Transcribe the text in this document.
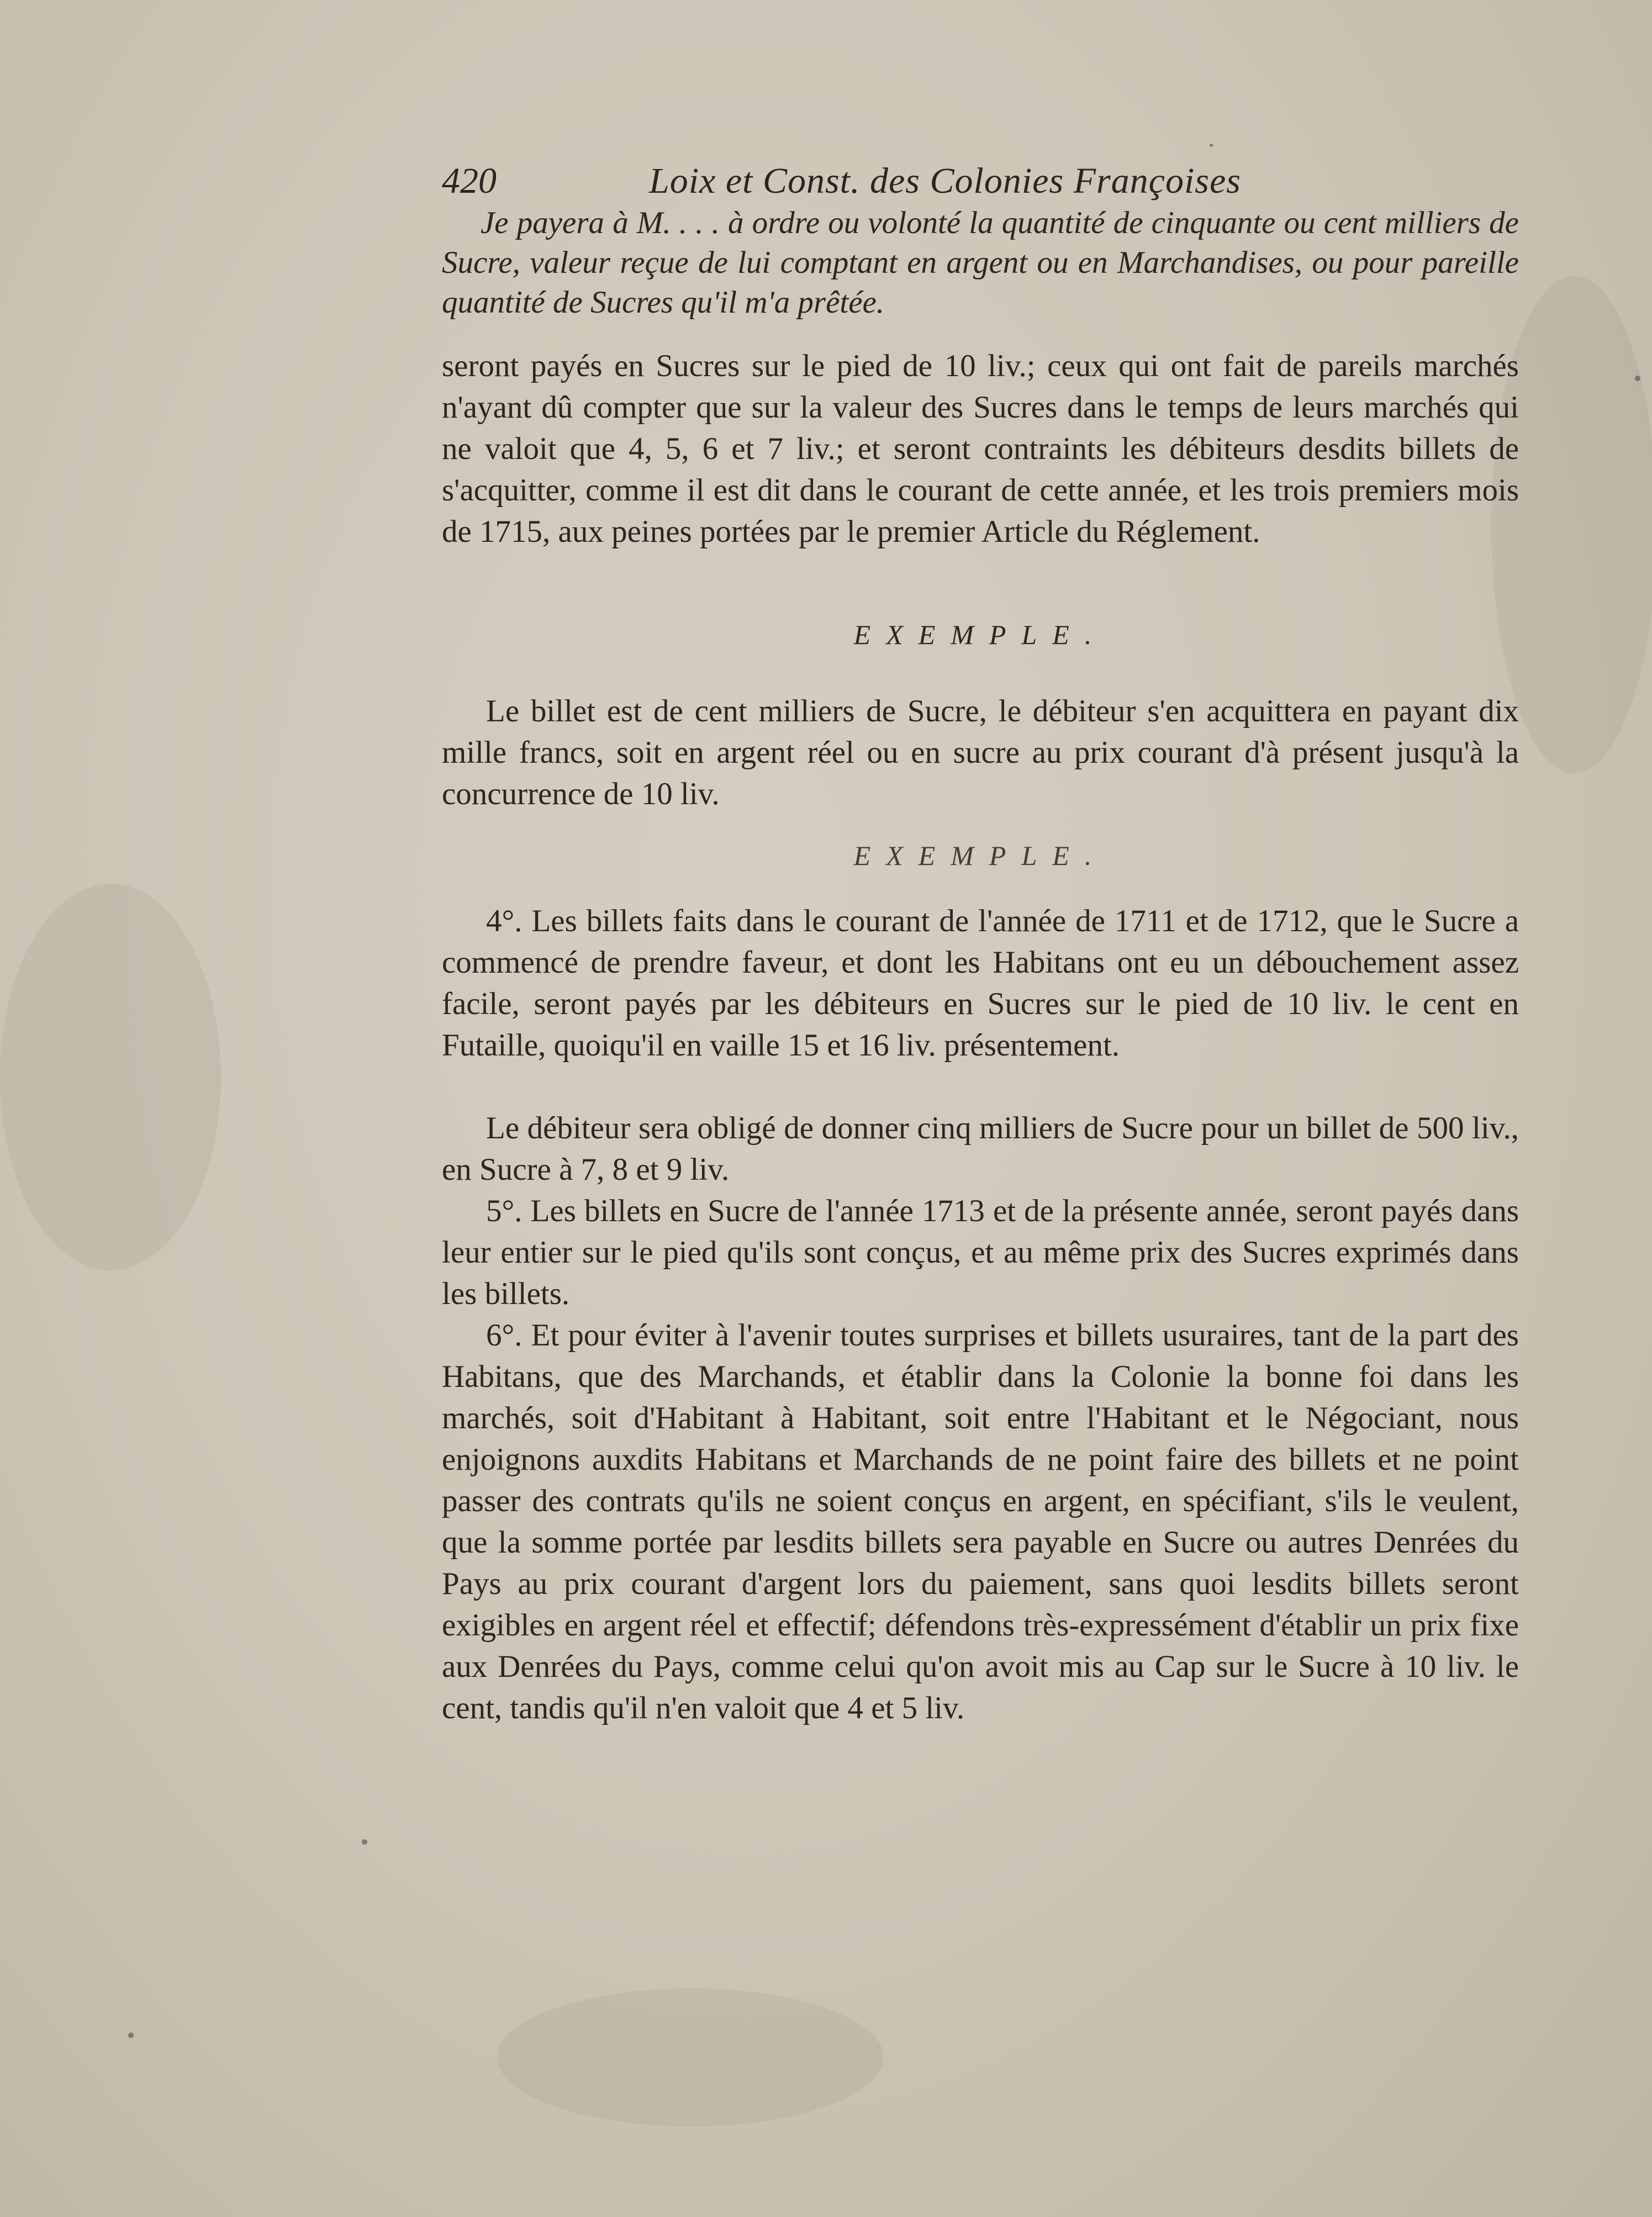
420	Loix et Const. des Colonies Françoises
Je payera à M. . . . à ordre ou volonté la quantité de cinquante ou cent milliers de Sucre, valeur reçue de lui comptant en argent ou en Marchandises, ou pour pareille quantité de Sucres qu'il m'a prêtée.
seront payés en Sucres sur le pied de 10 liv.; ceux qui ont fait de pareils marchés n'ayant dû compter que sur la valeur des Sucres dans le temps de leurs marchés qui ne valoit que 4, 5, 6 et 7 liv.; et seront contraints les débiteurs desdits billets de s'acquitter, comme il est dit dans le courant de cette année, et les trois premiers mois de 1715, aux peines portées par le premier Article du Réglement.
EXEMPLE.
Le billet est de cent milliers de Sucre, le débiteur s'en acquittera en payant dix mille francs, soit en argent réel ou en sucre au prix courant d'à présent jusqu'à la concurrence de 10 liv.
EXEMPLE.
4°. Les billets faits dans le courant de l'année de 1711 et de 1712, que le Sucre a commencé de prendre faveur, et dont les Habitans ont eu un débouchement assez facile, seront payés par les débiteurs en Sucres sur le pied de 10 liv. le cent en Futaille, quoiqu'il en vaille 15 et 16 liv. présentement.
Le débiteur sera obligé de donner cinq milliers de Sucre pour un billet de 500 liv., en Sucre à 7, 8 et 9 liv.
5°. Les billets en Sucre de l'année 1713 et de la présente année, seront payés dans leur entier sur le pied qu'ils sont conçus, et au même prix des Sucres exprimés dans les billets.
6°. Et pour éviter à l'avenir toutes surprises et billets usuraires, tant de la part des Habitans, que des Marchands, et établir dans la Colonie la bonne foi dans les marchés, soit d'Habitant à Habitant, soit entre l'Habitant et le Négociant, nous enjoignons auxdits Habitans et Marchands de ne point faire des billets et ne point passer des contrats qu'ils ne soient conçus en argent, en spécifiant, s'ils le veulent, que la somme portée par lesdits billets sera payable en Sucre ou autres Denrées du Pays au prix courant d'argent lors du paiement, sans quoi lesdits billets seront exigibles en argent réel et effectif; défendons très-expressément d'établir un prix fixe aux Denrées du Pays, comme celui qu'on avoit mis au Cap sur le Sucre à 10 liv. le cent, tandis qu'il n'en valoit que 4 et 5 liv.
